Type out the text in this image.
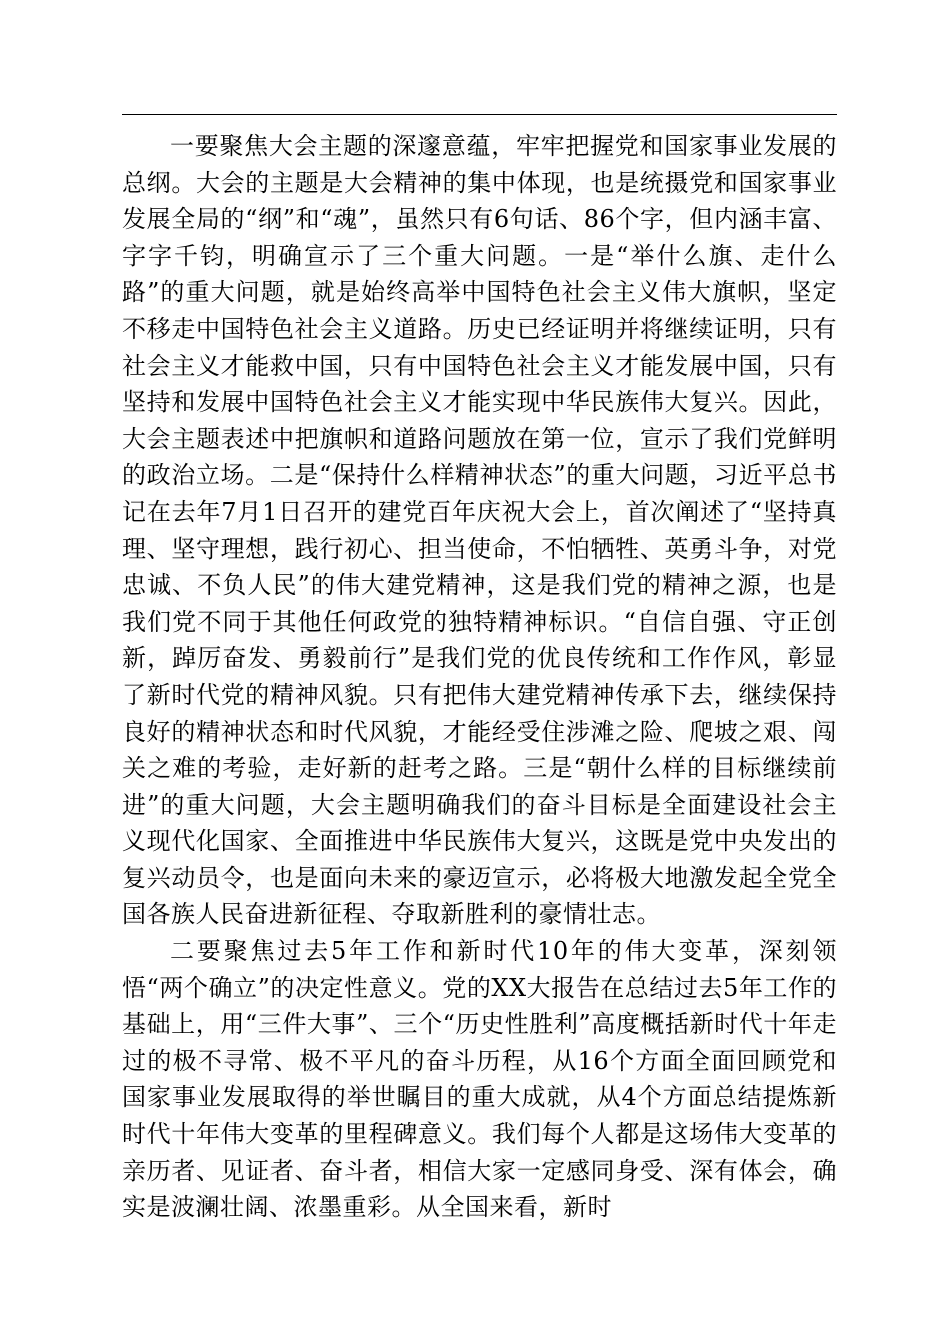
一要聚焦大会主题的深邃意蕴，牢牢把握党和国家事业发展的总纲。大会的主题是大会精神的集中体现，也是统摄党和国家事业发展全局的“纲”和“魂”，虽然只有6句话、86个字，但内涵丰富、字字千钧，明确宣示了三个重大问题。一是“举什么旗、走什么路”的重大问题，就是始终高举中国特色社会主义伟大旗帜，坚定不移走中国特色社会主义道路。历史已经证明并将继续证明，只有社会主义才能救中国，只有中国特色社会主义才能发展中国，只有坚持和发展中国特色社会主义才能实现中华民族伟大复兴。因此，大会主题表述中把旗帜和道路问题放在第一位，宣示了我们党鲜明的政治立场。二是“保持什么样精神状态”的重大问题，习近平总书记在去年7月1日召开的建党百年庆祝大会上，首次阐述了“坚持真理、坚守理想，践行初心、担当使命，不怕牺牲、英勇斗争，对党忠诚、不负人民”的伟大建党精神，这是我们党的精神之源，也是我们党不同于其他任何政党的独特精神标识。“自信自强、守正创新，踔厉奋发、勇毅前行”是我们党的优良传统和工作作风，彰显了新时代党的精神风貌。只有把伟大建党精神传承下去，继续保持良好的精神状态和时代风貌，才能经受住涉滩之险、爬坡之艰、闯关之难的考验，走好新的赶考之路。三是“朝什么样的目标继续前进”的重大问题，大会主题明确我们的奋斗目标是全面建设社会主义现代化国家、全面推进中华民族伟大复兴，这既是党中央发出的复兴动员令，也是面向未来的豪迈宣示，必将极大地激发起全党全国各族人民奋进新征程、夺取新胜利的豪情壮志。

二要聚焦过去5年工作和新时代10年的伟大变革，深刻领悟“两个确立”的决定性意义。党的XX大报告在总结过去5年工作的基础上，用“三件大事”、三个“历史性胜利”高度概括新时代十年走过的极不寻常、极不平凡的奋斗历程，从16个方面全面回顾党和国家事业发展取得的举世瞩目的重大成就，从4个方面总结提炼新时代十年伟大变革的里程碑意义。我们每个人都是这场伟大变革的亲历者、见证者、奋斗者，相信大家一定感同身受、深有体会，确实是波澜壮阔、浓墨重彩。从全国来看，新时
